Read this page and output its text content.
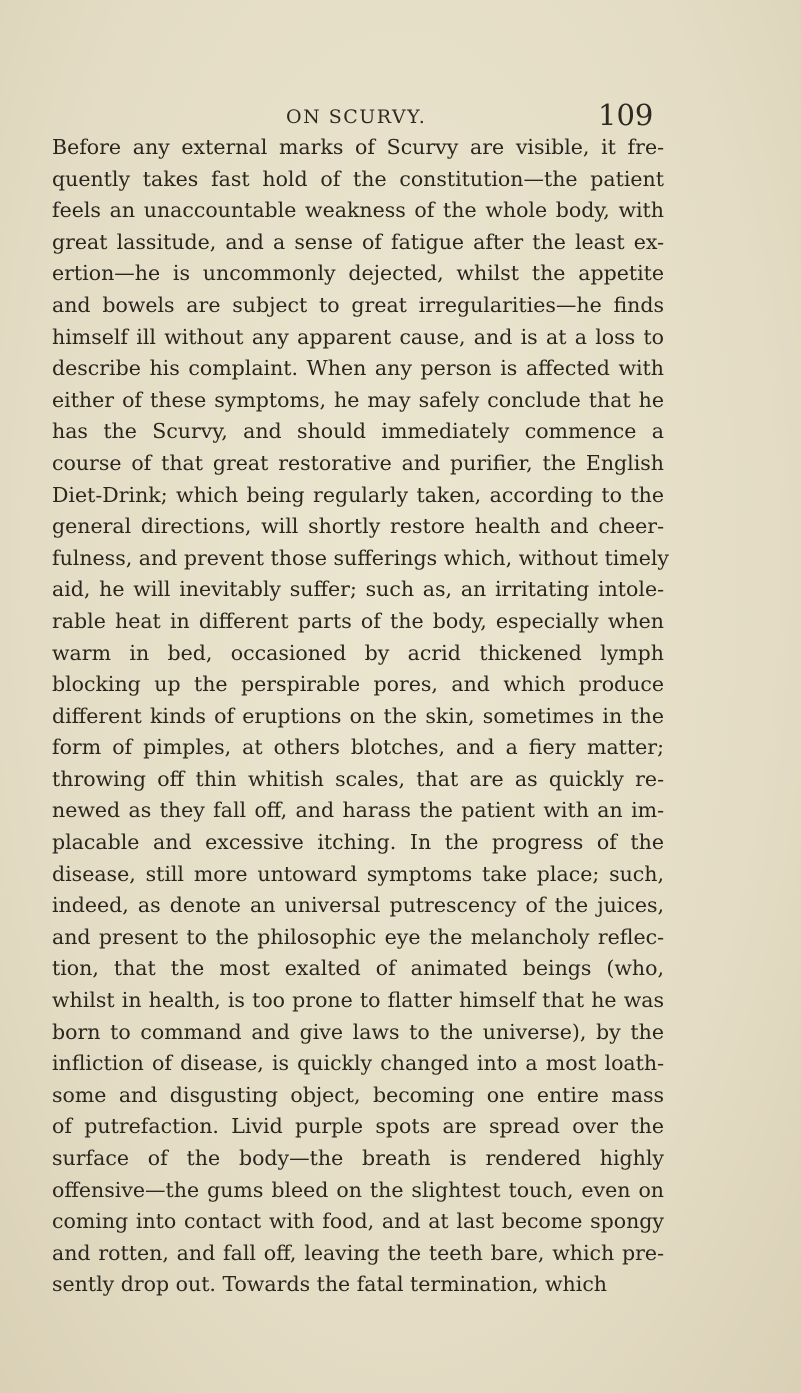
ON SCURVY.	109
Before any external marks of Scurvy are visible, it fre-
quently takes fast hold of the constitution—the patient
feels an unaccountable weakness of the whole body, with
great lassitude, and a sense of fatigue after the least ex-
ertion—he is uncommonly dejected, whilst the appetite
and bowels are subject to great irregularities—he finds
himself ill without any apparent cause, and is at a loss to
describe his complaint. When any person is affected with
either of these symptoms, he may safely conclude that he
has the Scurvy, and should immediately commence a
course of that great restorative and purifier, the English
Diet-Drink; which being regularly taken, according to the
general directions, will shortly restore health and cheer-
fulness, and prevent those sufferings which, without timely
aid, he will inevitably suffer; such as, an irritating intole-
rable heat in different parts of the body, especially when
warm in bed, occasioned by acrid thickened lymph
blocking up the perspirable pores, and which produce
different kinds of eruptions on the skin, sometimes in the
form of pimples, at others blotches, and a fiery matter;
throwing off thin whitish scales, that are as quickly re-
newed as they fall off, and harass the patient with an im-
placable and excessive itching. In the progress of the
disease, still more untoward symptoms take place; such,
indeed, as denote an universal putrescency of the juices,
and present to the philosophic eye the melancholy reflec-
tion, that the most exalted of animated beings (who,
whilst in health, is too prone to flatter himself that he was
born to command and give laws to the universe), by the
infliction of disease, is quickly changed into a most loath-
some and disgusting object, becoming one entire mass
of putrefaction. Livid purple spots are spread over the
surface of the body—the breath is rendered highly
offensive—the gums bleed on the slightest touch, even on
coming into contact with food, and at last become spongy
and rotten, and fall off, leaving the teeth bare, which pre-
sently drop out. Towards the fatal termination, which
